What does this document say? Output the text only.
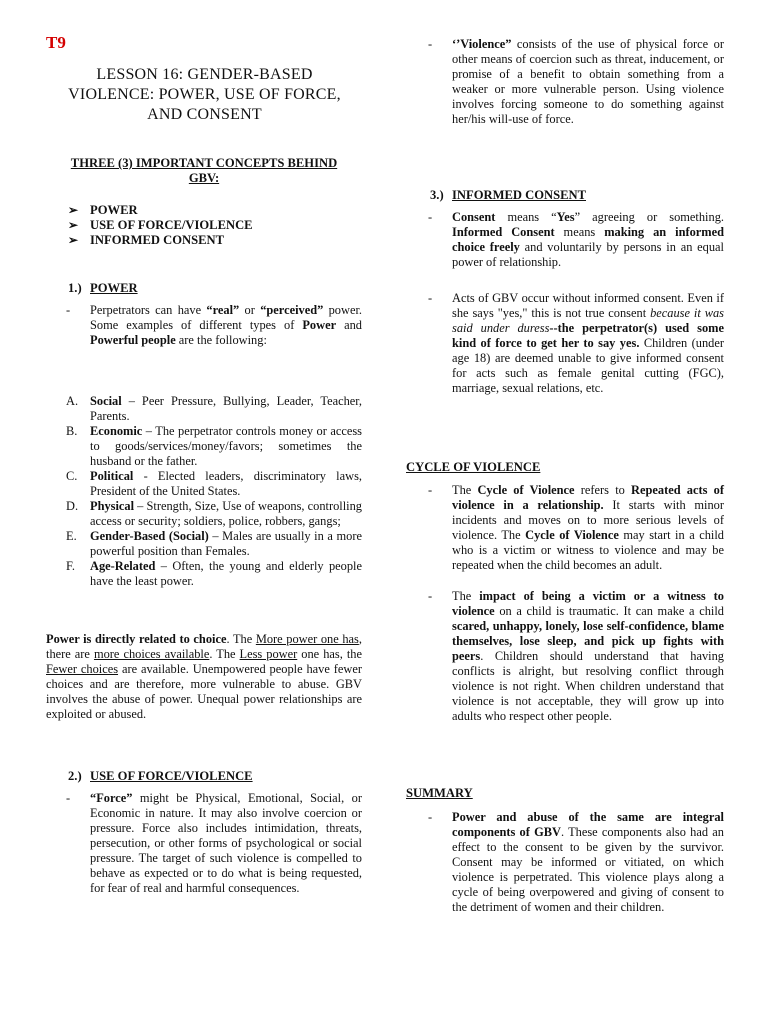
T9
LESSON 16: GENDER-BASED VIOLENCE: POWER, USE OF FORCE, AND CONSENT
THREE (3) IMPORTANT CONCEPTS BEHIND GBV:
➢ POWER
➢ USE OF FORCE/VIOLENCE
➢ INFORMED CONSENT
1.) POWER
- Perpetrators can have “real” or “perceived” power. Some examples of different types of Power and Powerful people are the following:
A. Social – Peer Pressure, Bullying, Leader, Teacher, Parents.
B. Economic – The perpetrator controls money or access to goods/services/money/favors; sometimes the husband or the father.
C. Political - Elected leaders, discriminatory laws, President of the United States.
D. Physical – Strength, Size, Use of weapons, controlling access or security; soldiers, police, robbers, gangs;
E. Gender-Based (Social) – Males are usually in a more powerful position than Females.
F. Age-Related – Often, the young and elderly people have the least power.
Power is directly related to choice. The More power one has, there are more choices available. The Less power one has, the Fewer choices are available. Unempowered people have fewer choices and are therefore, more vulnerable to abuse. GBV involves the abuse of power. Unequal power relationships are exploited or abused.
2.) USE OF FORCE/VIOLENCE
- “Force” might be Physical, Emotional, Social, or Economic in nature. It may also involve coercion or pressure. Force also includes intimidation, threats, persecution, or other forms of psychological or social pressure. The target of such violence is compelled to behave as expected or to do what is being requested, for fear of real and harmful consequences.
- ‘’Violence” consists of the use of physical force or other means of coercion such as threat, inducement, or promise of a benefit to obtain something from a weaker or more vulnerable person. Using violence involves forcing someone to do something against her/his will-use of force.
3.) INFORMED CONSENT
- Consent means “Yes” agreeing or something. Informed Consent means making an informed choice freely and voluntarily by persons in an equal power of relationship.
- Acts of GBV occur without informed consent. Even if she says "yes," this is not true consent because it was said under duress--the perpetrator(s) used some kind of force to get her to say yes. Children (under age 18) are deemed unable to give informed consent for acts such as female genital cutting (FGC), marriage, sexual relations, etc.
CYCLE OF VIOLENCE
- The Cycle of Violence refers to Repeated acts of violence in a relationship. It starts with minor incidents and moves on to more serious levels of violence. The Cycle of Violence may start in a child who is a victim or witness to violence and may be repeated when the child becomes an adult.
- The impact of being a victim or a witness to violence on a child is traumatic. It can make a child scared, unhappy, lonely, lose self-confidence, blame themselves, lose sleep, and pick up fights with peers. Children should understand that having conflicts is alright, but resolving conflict through violence is not right. When children understand that violence is not acceptable, they will grow up into adults who respect other people.
SUMMARY
- Power and abuse of the same are integral components of GBV. These components also had an effect to the consent to be given by the survivor. Consent may be informed or vitiated, on which violence is perpetrated. This violence plays along a cycle of being overpowered and giving of consent to the detriment of women and their children.
